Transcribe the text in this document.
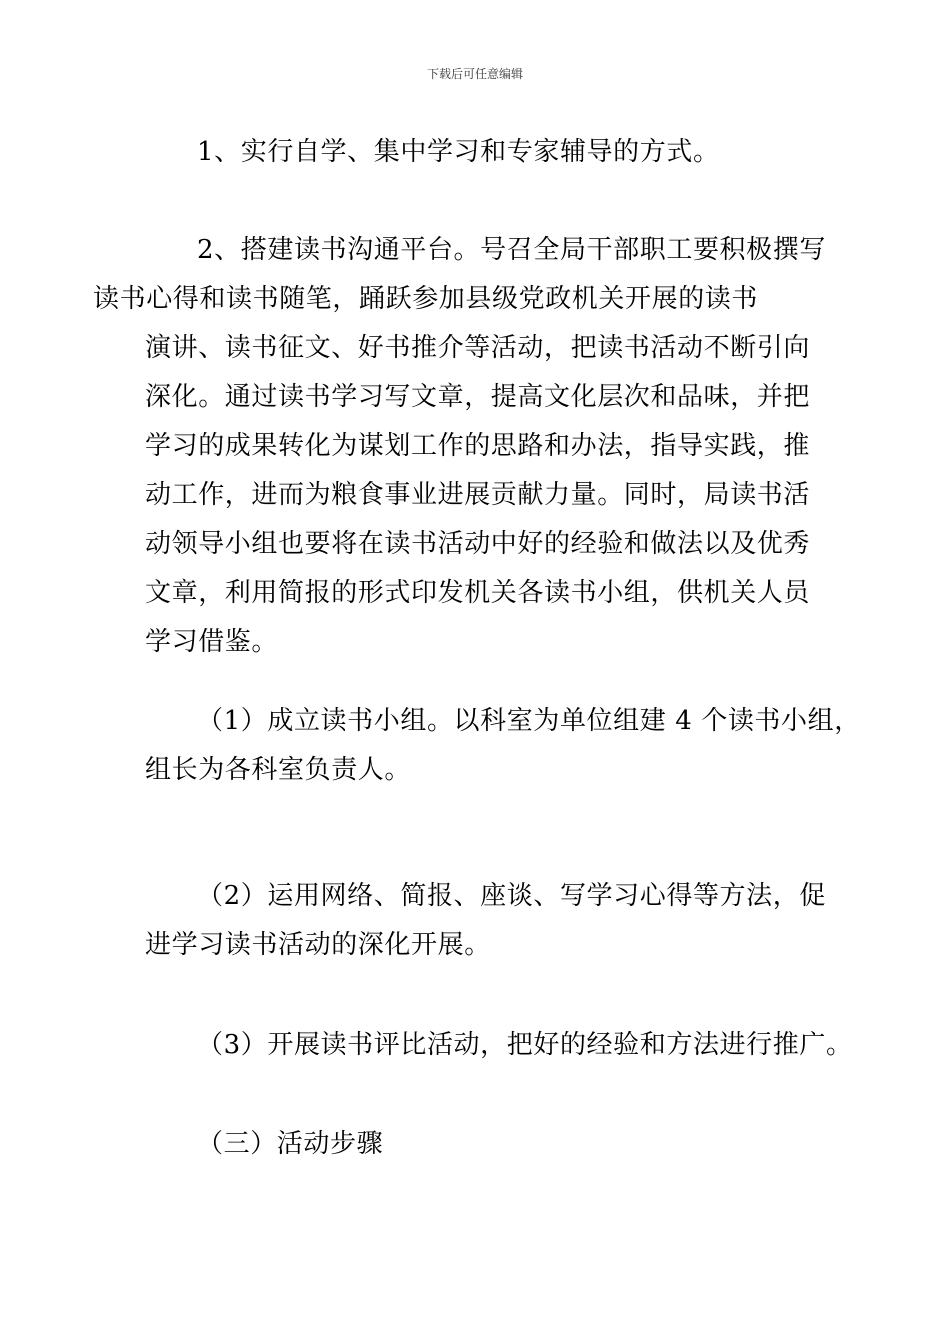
下载后可任意编辑
1、实行自学、集中学习和专家辅导的方式。
2、搭建读书沟通平台。号召全局干部职工要积极撰写
读书心得和读书随笔，踊跃参加县级党政机关开展的读书
演讲、读书征文、好书推介等活动，把读书活动不断引向
深化。通过读书学习写文章，提高文化层次和品味，并把
学习的成果转化为谋划工作的思路和办法，指导实践，推
动工作，进而为粮食事业进展贡献力量。同时，局读书活
动领导小组也要将在读书活动中好的经验和做法以及优秀
文章，利用简报的形式印发机关各读书小组，供机关人员
学习借鉴。
（1）成立读书小组。以科室为单位组建 4 个读书小组，
组长为各科室负责人。
（2）运用网络、简报、座谈、写学习心得等方法，促
进学习读书活动的深化开展。
（3）开展读书评比活动，把好的经验和方法进行推广。
（三）活动步骤
